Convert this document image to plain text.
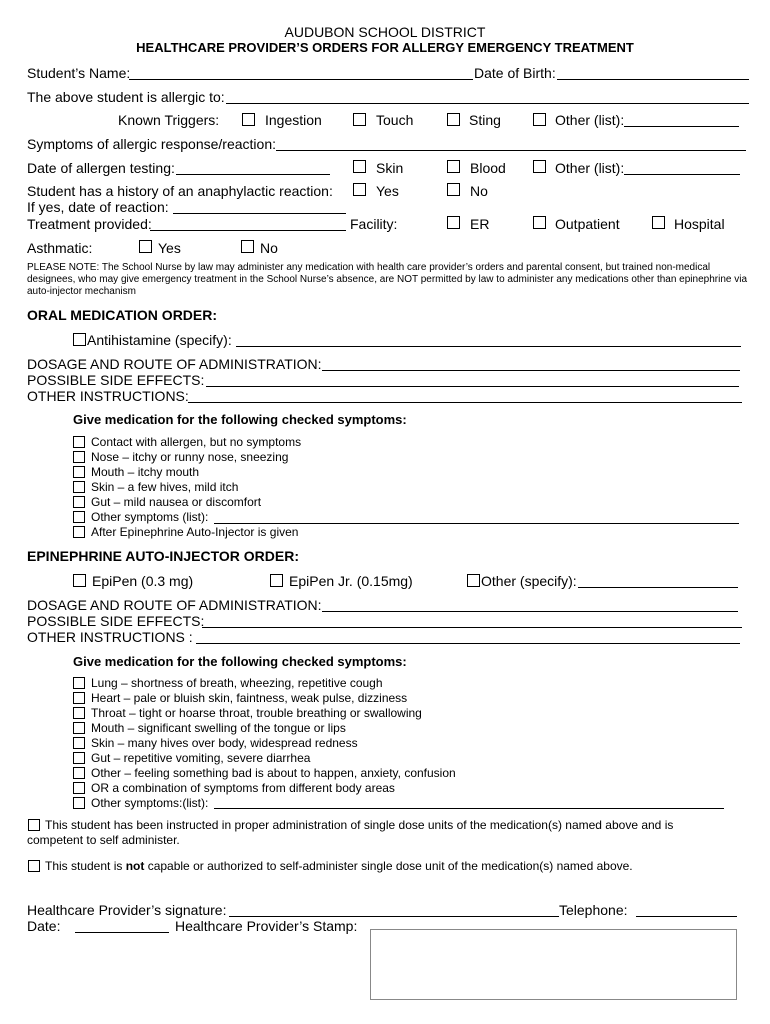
AUDUBON SCHOOL DISTRICT
HEALTHCARE PROVIDER’S ORDERS FOR ALLERGY EMERGENCY TREATMENT
Student’s Name:	Date of Birth:
The above student is allergic to:
Known Triggers:	Ingestion	Touch	Sting	Other (list):
Symptoms of allergic response/reaction:
Date of allergen testing:	Skin	Blood	Other (list):
Student has a history of an anaphylactic reaction:	Yes	No
If yes, date of reaction:
Treatment provided:	Facility:	ER	Outpatient	Hospital
Asthmatic:	Yes	No
PLEASE NOTE: The School Nurse by law may administer any medication with health care provider’s orders and parental consent, but trained non-medical designees, who may give emergency treatment in the School Nurse’s absence, are NOT permitted by law to administer any medications other than epinephrine via auto-injector mechanism
ORAL MEDICATION ORDER:
Antihistamine (specify):
DOSAGE AND ROUTE OF ADMINISTRATION:
POSSIBLE SIDE EFFECTS:
OTHER INSTRUCTIONS:
Give medication for the following checked symptoms:
Contact with allergen, but no symptoms
Nose – itchy or runny nose, sneezing
Mouth – itchy mouth
Skin – a few hives, mild itch
Gut – mild nausea or discomfort
Other symptoms (list):
After Epinephrine Auto-Injector is given
EPINEPHRINE AUTO-INJECTOR ORDER:
EpiPen (0.3 mg)	EpiPen Jr. (0.15mg)	Other (specify):
DOSAGE AND ROUTE OF ADMINISTRATION:
POSSIBLE SIDE EFFECTS:
OTHER INSTRUCTIONS :
Give medication for the following checked symptoms:
Lung – shortness of breath, wheezing, repetitive cough
Heart – pale or bluish skin, faintness, weak pulse, dizziness
Throat – tight or hoarse throat, trouble breathing or swallowing
Mouth – significant swelling of the tongue or lips
Skin – many hives over body, widespread redness
Gut – repetitive vomiting, severe diarrhea
Other – feeling something bad is about to happen, anxiety, confusion
OR a combination of symptoms from different body areas
Other symptoms:(list):
This student has been instructed in proper administration of single dose units of the medication(s) named above and is
competent to self administer.
This student is not capable or authorized to self-administer single dose unit of the medication(s) named above.
Healthcare Provider’s signature:	Telephone:
Date:	Healthcare Provider’s Stamp:
